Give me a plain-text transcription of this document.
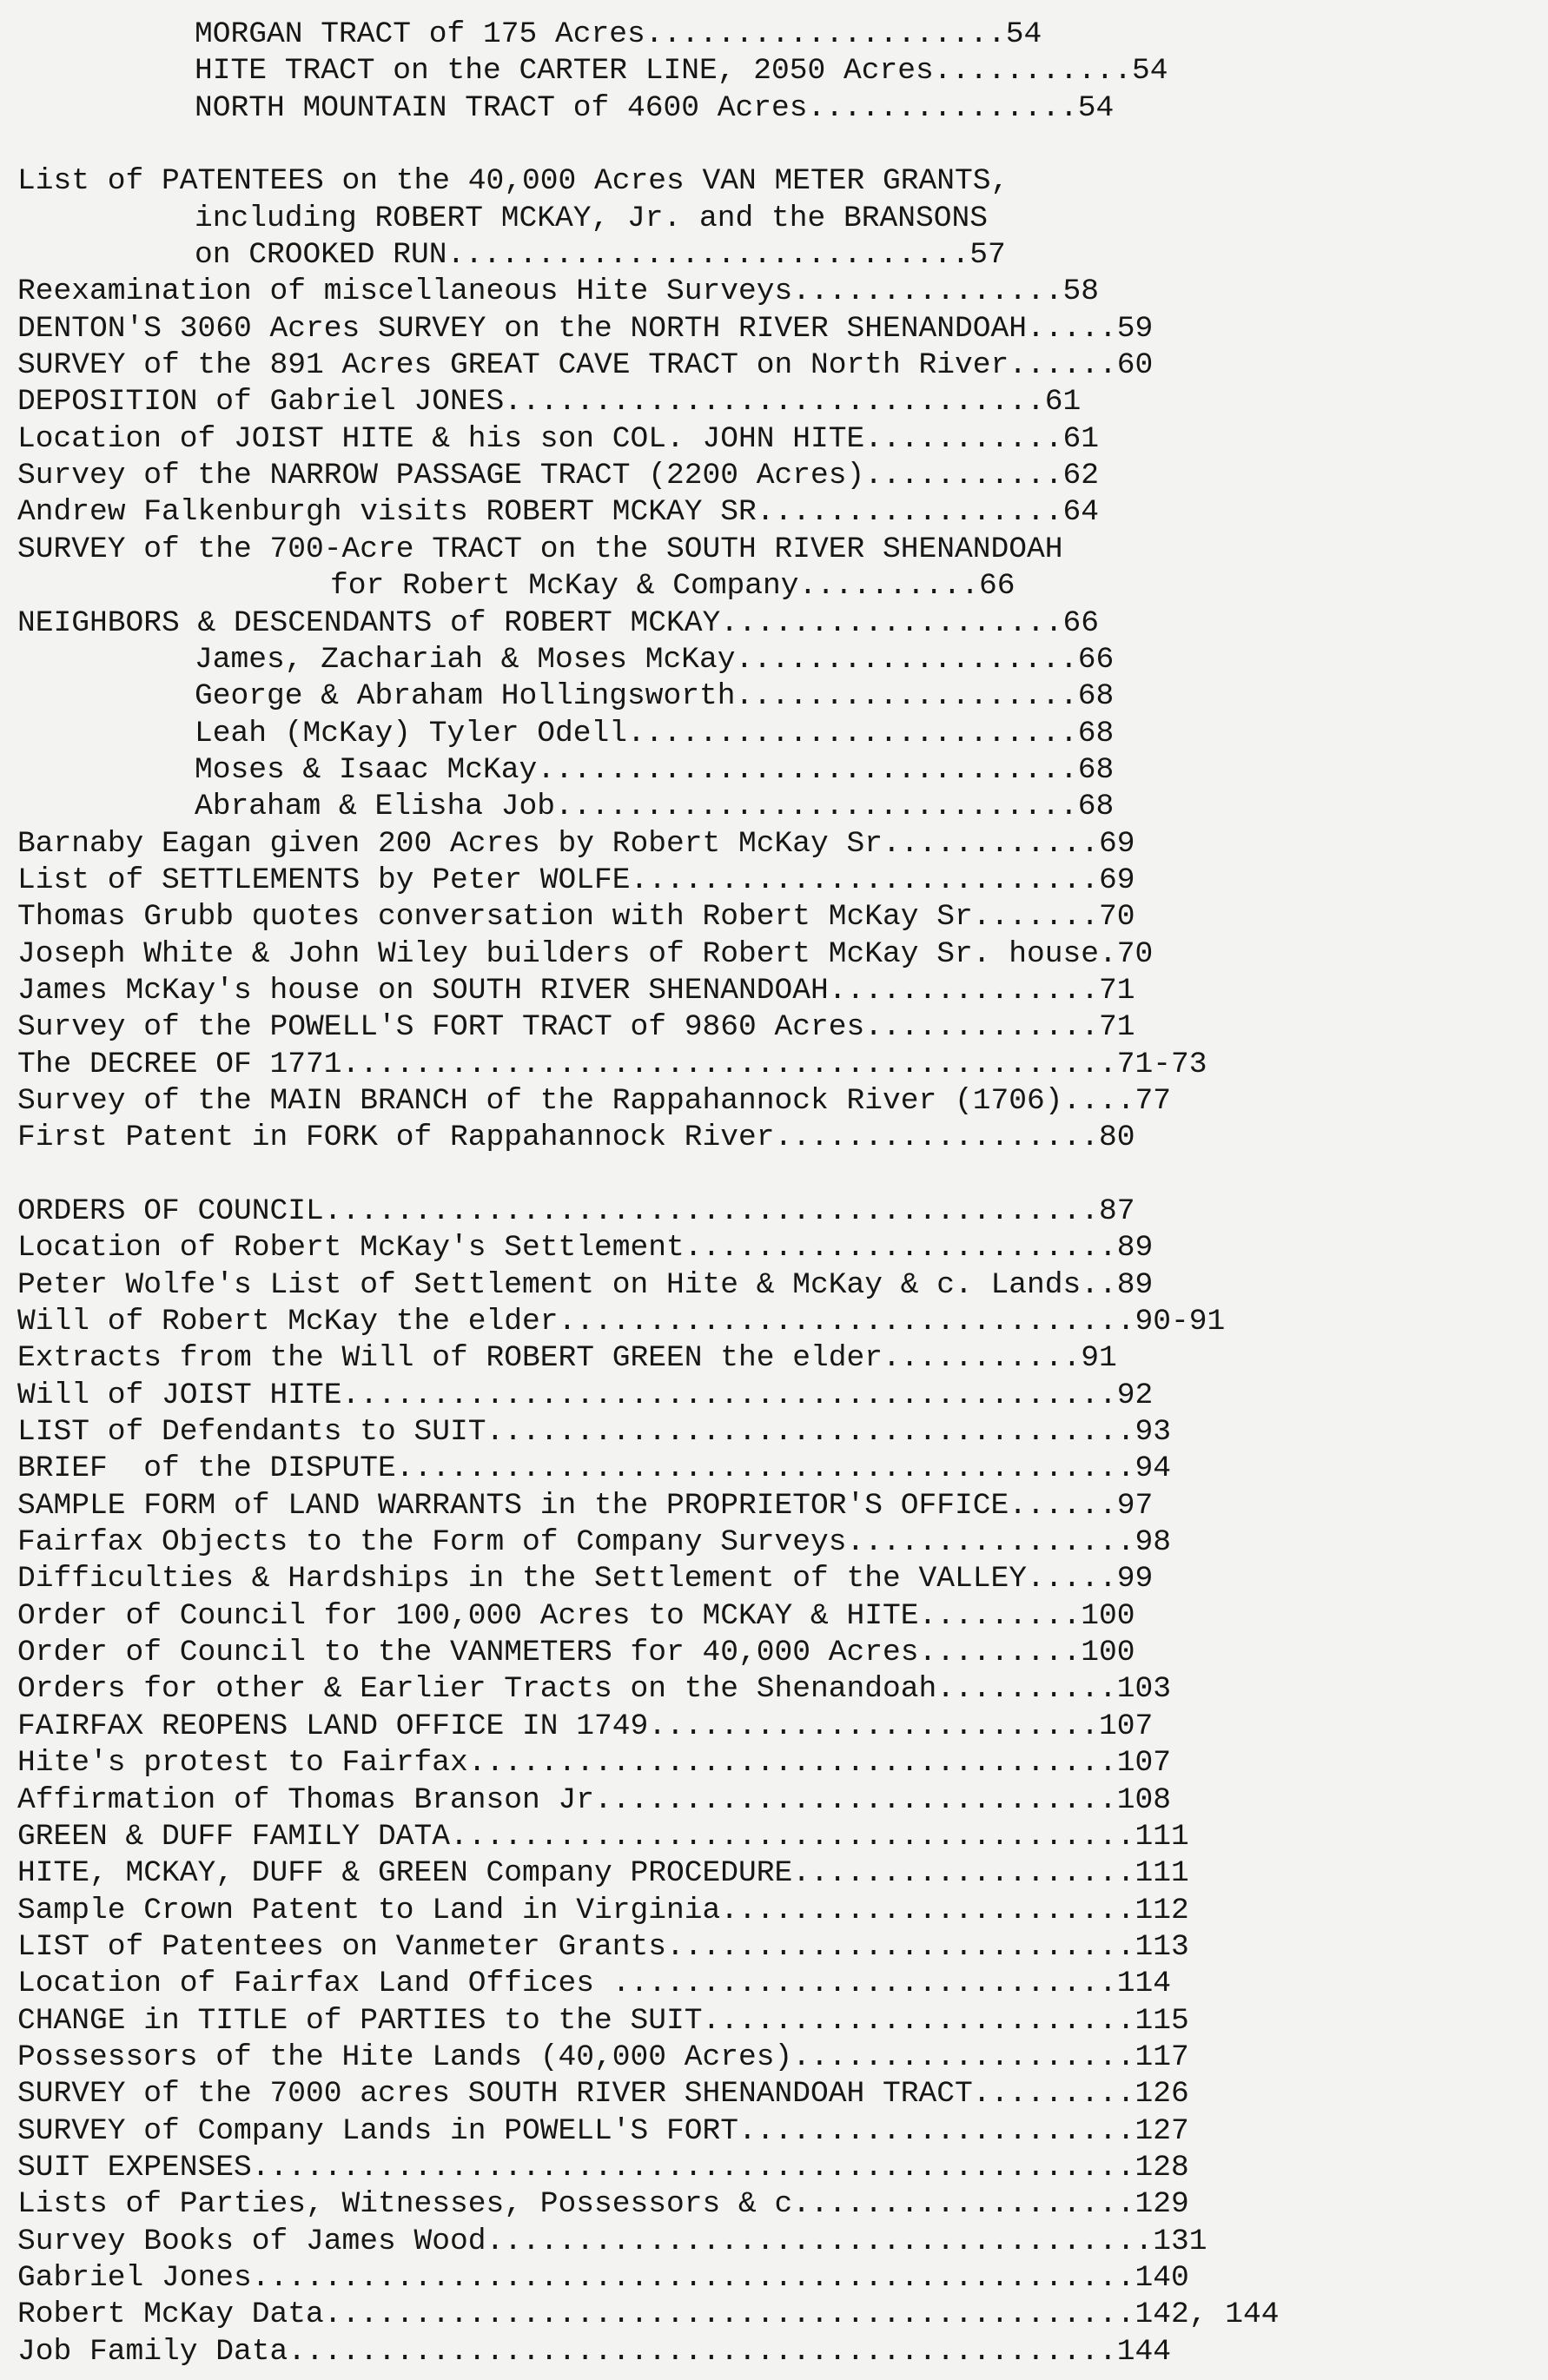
MORGAN TRACT of 175 Acres....................54
HITE TRACT on the CARTER LINE, 2050 Acres...........54
NORTH MOUNTAIN TRACT of 4600 Acres...............54
List of PATENTEES on the 40,000 Acres VAN METER GRANTS,
including ROBERT MCKAY, Jr. and the BRANSONS
on CROOKED RUN.............................57
Reexamination of miscellaneous Hite Surveys...............58
DENTON'S 3060 Acres SURVEY on the NORTH RIVER SHENANDOAH.....59
SURVEY of the 891 Acres GREAT CAVE TRACT on North River......60
DEPOSITION of Gabriel JONES..............................61
Location of JOIST HITE & his son COL. JOHN HITE...........61
Survey of the NARROW PASSAGE TRACT (2200 Acres)...........62
Andrew Falkenburgh visits ROBERT MCKAY SR.................64
SURVEY of the 700-Acre TRACT on the SOUTH RIVER SHENANDOAH
for Robert McKay & Company..........66
NEIGHBORS & DESCENDANTS of ROBERT MCKAY...................66
James, Zachariah & Moses McKay...................66
George & Abraham Hollingsworth...................68
Leah (McKay) Tyler Odell.........................68
Moses & Isaac McKay..............................68
Abraham & Elisha Job.............................68
Barnaby Eagan given 200 Acres by Robert McKay Sr............69
List of SETTLEMENTS by Peter WOLFE..........................69
Thomas Grubb quotes conversation with Robert McKay Sr.......70
Joseph White & John Wiley builders of Robert McKay Sr. house.70
James McKay's house on SOUTH RIVER SHENANDOAH...............71
Survey of the POWELL'S FORT TRACT of 9860 Acres.............71
The DECREE OF 1771...........................................71-73
Survey of the MAIN BRANCH of the Rappahannock River (1706)....77
First Patent in FORK of Rappahannock River..................80
ORDERS OF COUNCIL...........................................87
Location of Robert McKay's Settlement........................89
Peter Wolfe's List of Settlement on Hite & McKay & c. Lands..89
Will of Robert McKay the elder................................90-91
Extracts from the Will of ROBERT GREEN the elder...........91
Will of JOIST HITE...........................................92
LIST of Defendants to SUIT....................................93
BRIEF  of the DISPUTE.........................................94
SAMPLE FORM of LAND WARRANTS in the PROPRIETOR'S OFFICE......97
Fairfax Objects to the Form of Company Surveys................98
Difficulties & Hardships in the Settlement of the VALLEY.....99
Order of Council for 100,000 Acres to MCKAY & HITE.........100
Order of Council to the VANMETERS for 40,000 Acres.........100
Orders for other & Earlier Tracts on the Shenandoah..........103
FAIRFAX REOPENS LAND OFFICE IN 1749.........................107
Hite's protest to Fairfax....................................107
Affirmation of Thomas Branson Jr.............................108
GREEN & DUFF FAMILY DATA......................................111
HITE, MCKAY, DUFF & GREEN Company PROCEDURE...................111
Sample Crown Patent to Land in Virginia.......................112
LIST of Patentees on Vanmeter Grants..........................113
Location of Fairfax Land Offices ............................114
CHANGE in TITLE of PARTIES to the SUIT........................115
Possessors of the Hite Lands (40,000 Acres)...................117
SURVEY of the 7000 acres SOUTH RIVER SHENANDOAH TRACT.........126
SURVEY of Company Lands in POWELL'S FORT......................127
SUIT EXPENSES.................................................128
Lists of Parties, Witnesses, Possessors & c...................129
Survey Books of James Wood.....................................131
Gabriel Jones.................................................140
Robert McKay Data.............................................142, 144
Job Family Data..............................................144
